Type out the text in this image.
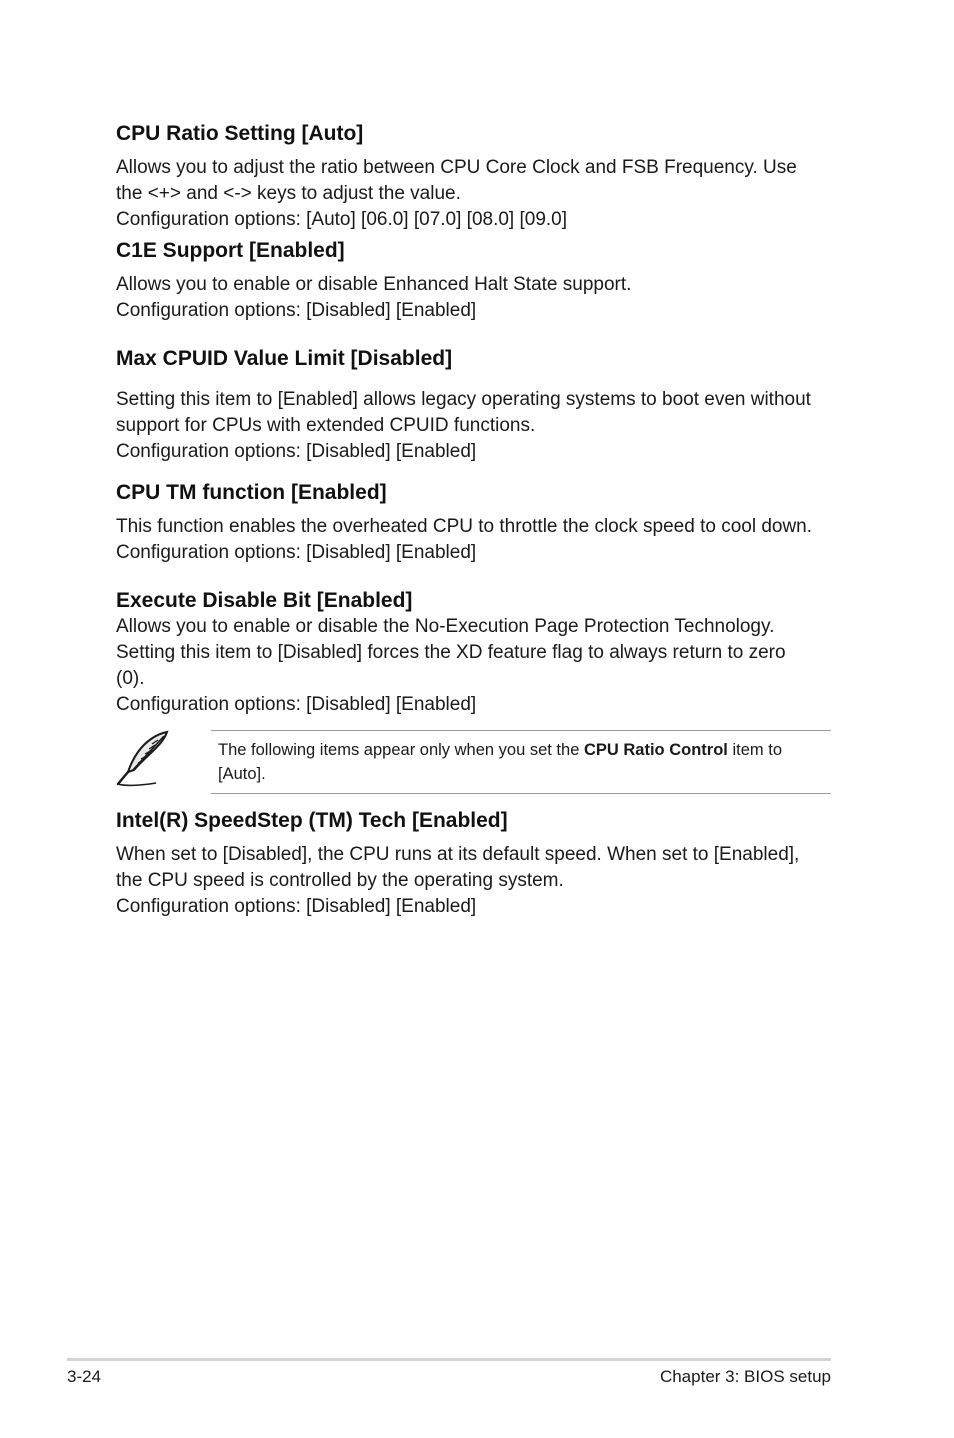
CPU Ratio Setting [Auto]

Allows you to adjust the ratio between CPU Core Clock and FSB Frequency. Use

the <+> and <-> keys to adjust the value.

Configuration options: [Auto] [06.0] [07.0] [08.0] [09.0]

C1E Support [Enabled]

Allows you to enable or disable Enhanced Halt State support.

Configuration options: [Disabled] [Enabled]

Max CPUID Value Limit [Disabled]

Setting this item to [Enabled] allows legacy operating systems to boot even without

support for CPUs with extended CPUID functions.

Configuration options: [Disabled] [Enabled]

CPU TM function [Enabled]

This function enables the overheated CPU to throttle the clock speed to cool down.

Configuration options: [Disabled] [Enabled]

Execute Disable Bit [Enabled]

Allows you to enable or disable the No-Execution Page Protection Technology.

Setting this item to [Disabled] forces the XD feature flag to always return to zero

(0).

Configuration options: [Disabled] [Enabled]

The following items appear only when you set the CPU Ratio Control item to
[Auto].

Intel(R) SpeedStep (TM) Tech [Enabled]

When set to [Disabled], the CPU runs at its default speed. When set to [Enabled],

the CPU speed is controlled by the operating system.

Configuration options: [Disabled] [Enabled]

3-24	Chapter 3: BIOS setup
